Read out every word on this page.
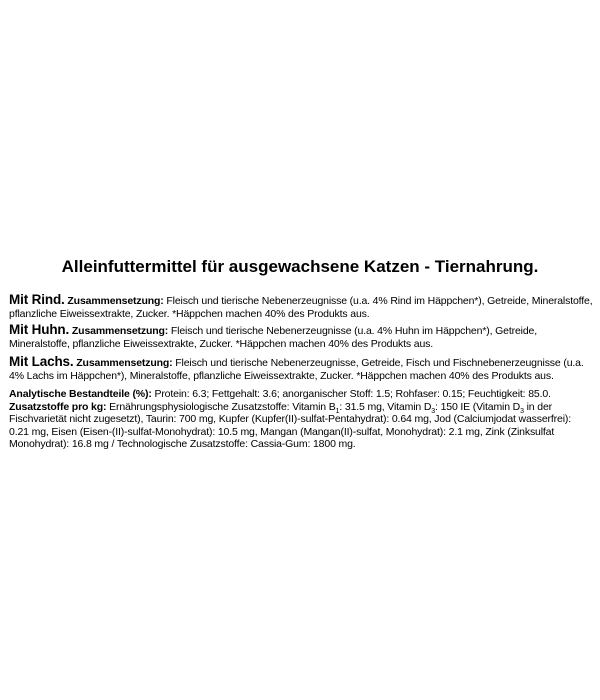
Alleinfuttermittel für ausgewachsene Katzen - Tiernahrung.
Mit Rind. Zusammensetzung: Fleisch und tierische Nebenerzeugnisse (u.a. 4% Rind im Häppchen*), Getreide, Mineralstoffe, pflanzliche Eiweissextrakte, Zucker. *Häppchen machen 40% des Produkts aus.
Mit Huhn. Zusammensetzung: Fleisch und tierische Nebenerzeugnisse (u.a. 4% Huhn im Häppchen*), Getreide, Mineralstoffe, pflanzliche Eiweissextrakte, Zucker. *Häppchen machen 40% des Produkts aus.
Mit Lachs. Zusammensetzung: Fleisch und tierische Nebenerzeugnisse, Getreide, Fisch und Fischnebenerzeugnisse (u.a. 4% Lachs im Häppchen*), Mineralstoffe, pflanzliche Eiweissextrakte, Zucker. *Häppchen machen 40% des Produkts aus.
Analytische Bestandteile (%): Protein: 6.3; Fettgehalt: 3.6; anorganischer Stoff: 1.5; Rohfaser: 0.15; Feuchtigkeit: 85.0.
Zusatzstoffe pro kg: Ernährungsphysiologische Zusatzstoffe: Vitamin $B_1$: 31.5 mg, Vitamin $D_3$: 150 IE (Vitamin $D_3$ in der Fischvarietät nicht zugesetzt), Taurin: 700 mg, Kupfer (Kupfer(II)-sulfat-Pentahydrat): 0.64 mg, Jod (Calciumjodat wasserfrei): 0.21 mg, Eisen (Eisen-(II)-sulfat-Monohydrat): 10.5 mg, Mangan (Mangan(II)-sulfat, Monohydrat): 2.1 mg, Zink (Zinksulfat Monohydrat): 16.8 mg / Technologische Zusatzstoffe: Cassia-Gum: 1800 mg.
